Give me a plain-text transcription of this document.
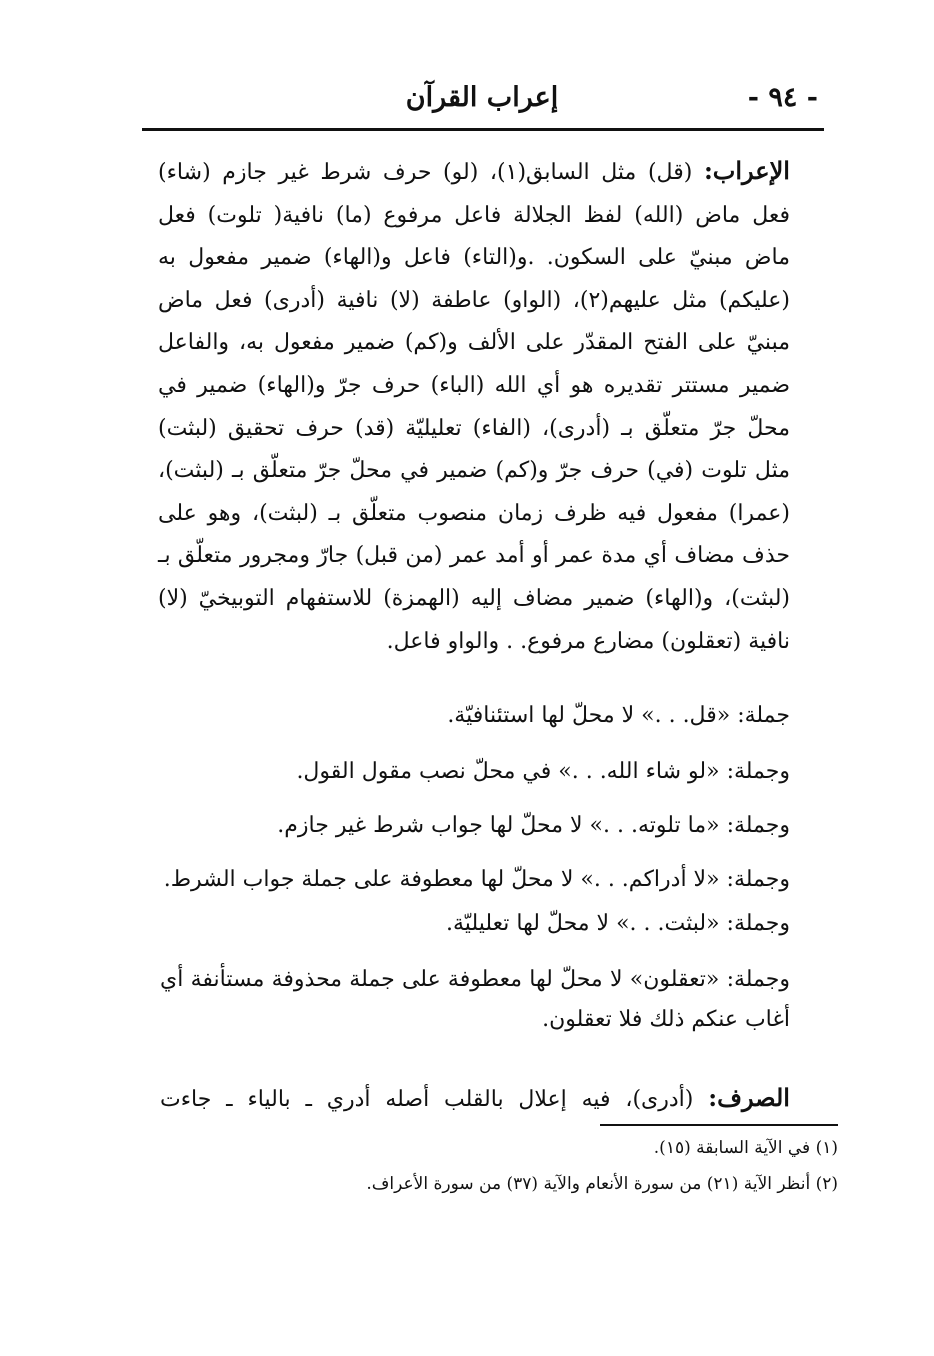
- ٩٤ -
إعراب القرآن
الإعراب: (قل) مثل السابق(١)، (لو) حرف شرط غير جازم (شاء) فعل ماض (الله) لفظ الجلالة فاعل مرفوع (ما) نافية( تلوت) فعل ماض مبنيّ على السكون. .و(التاء) فاعل و(الهاء) ضمير مفعول به (عليكم) مثل عليهم(٢)، (الواو) عاطفة (لا) نافية (أدرى) فعل ماض مبنيّ على الفتح المقدّر على الألف و(كم) ضمير مفعول به، والفاعل ضمير مستتر تقديره هو أي الله (الباء) حرف جرّ و(الهاء) ضمير في محلّ جرّ متعلّق بـ (أدرى)، (الفاء) تعليليّة (قد) حرف تحقيق (لبثت) مثل تلوت (في) حرف جرّ و(كم) ضمير في محلّ جرّ متعلّق بـ (لبثت)، (عمرا) مفعول فيه ظرف زمان منصوب متعلّق بـ (لبثت)، وهو على حذف مضاف أي مدة عمر أو أمد عمر (من قبل) جارّ ومجرور متعلّق بـ (لبثت)، و(الهاء) ضمير مضاف إليه (الهمزة) للاستفهام التوبيخيّ (لا) نافية (تعقلون) مضارع مرفوع. . والواو فاعل.

جملة: «قل. . .» لا محلّ لها استئنافيّة.

وجملة: «لو شاء الله. . .» في محلّ نصب مقول القول.

وجملة: «ما تلوته. . .» لا محلّ لها جواب شرط غير جازم.

وجملة: «لا أدراكم. . .» لا محلّ لها معطوفة على جملة جواب الشرط.

وجملة: «لبثت. . .» لا محلّ لها تعليليّة.

وجملة: «تعقلون» لا محلّ لها معطوفة على جملة محذوفة مستأنفة أي أغاب عنكم ذلك فلا تعقلون.

الصرف: (أدرى)، فيه إعلال بالقلب أصله أدري ـ بالياء ـ جاءت

(١) في الآية السابقة (١٥).

(٢) أنظر الآية (٢١) من سورة الأنعام والآية (٣٧) من سورة الأعراف.
